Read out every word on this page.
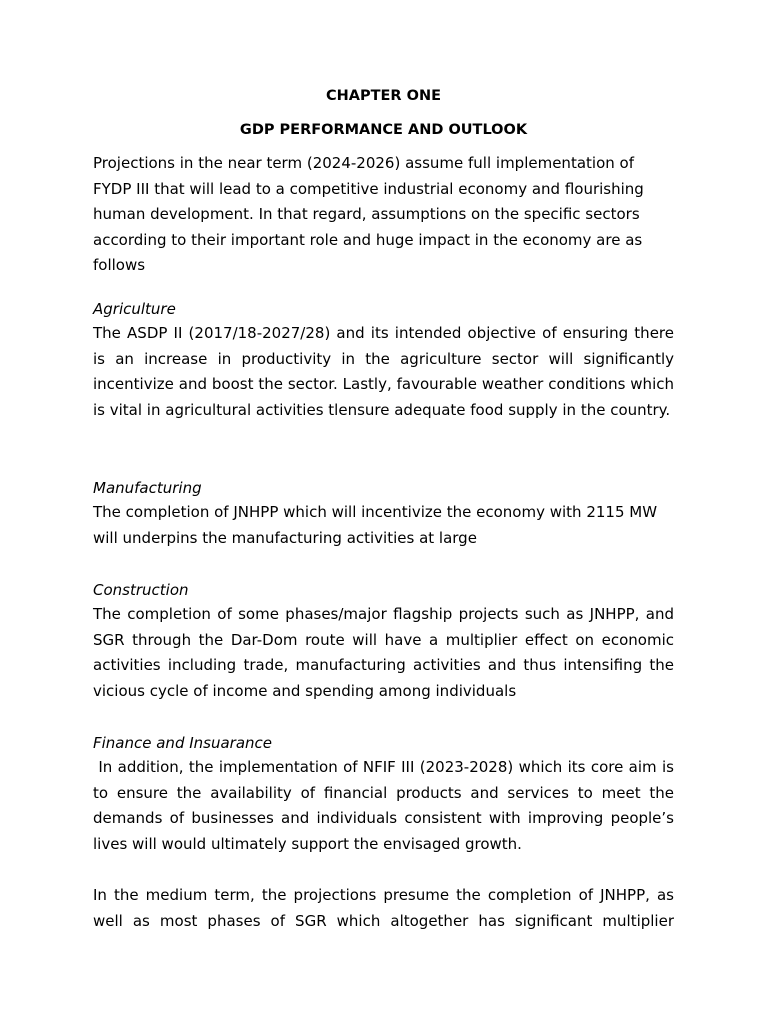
CHAPTER ONE
GDP PERFORMANCE AND OUTLOOK

Projections in the near term (2024-2026) assume full implementation of FYDP III that will lead to a competitive industrial economy and flourishing human development. In that regard, assumptions on the specific sectors according to their important role and huge impact in the economy are as follows

Agriculture

The ASDP II (2017/18-2027/28) and its intended objective of ensuring there is an increase in productivity in the agriculture sector will significantly incentivize and boost the sector. Lastly, favourable weather conditions which is vital in agricultural activities tlensure adequate food supply in the country.

Manufacturing

The completion of JNHPP which will incentivize the economy with 2115 MW will underpins the manufacturing activities at large

Construction

The completion of some phases/major flagship projects such as JNHPP, and SGR through the Dar-Dom route will have a multiplier effect on economic activities including trade, manufacturing activities and thus intensifing the vicious cycle of income and spending among individuals

Finance and Insuarance

In addition, the implementation of NFIF III (2023-2028) which its core aim is to ensure the availability of financial products and services to meet the demands of businesses and individuals consistent with improving people’s lives will would ultimately support the envisaged growth.

In the medium term, the projections presume the completion of JNHPP, as well as most phases of SGR which altogether has significant multiplier
